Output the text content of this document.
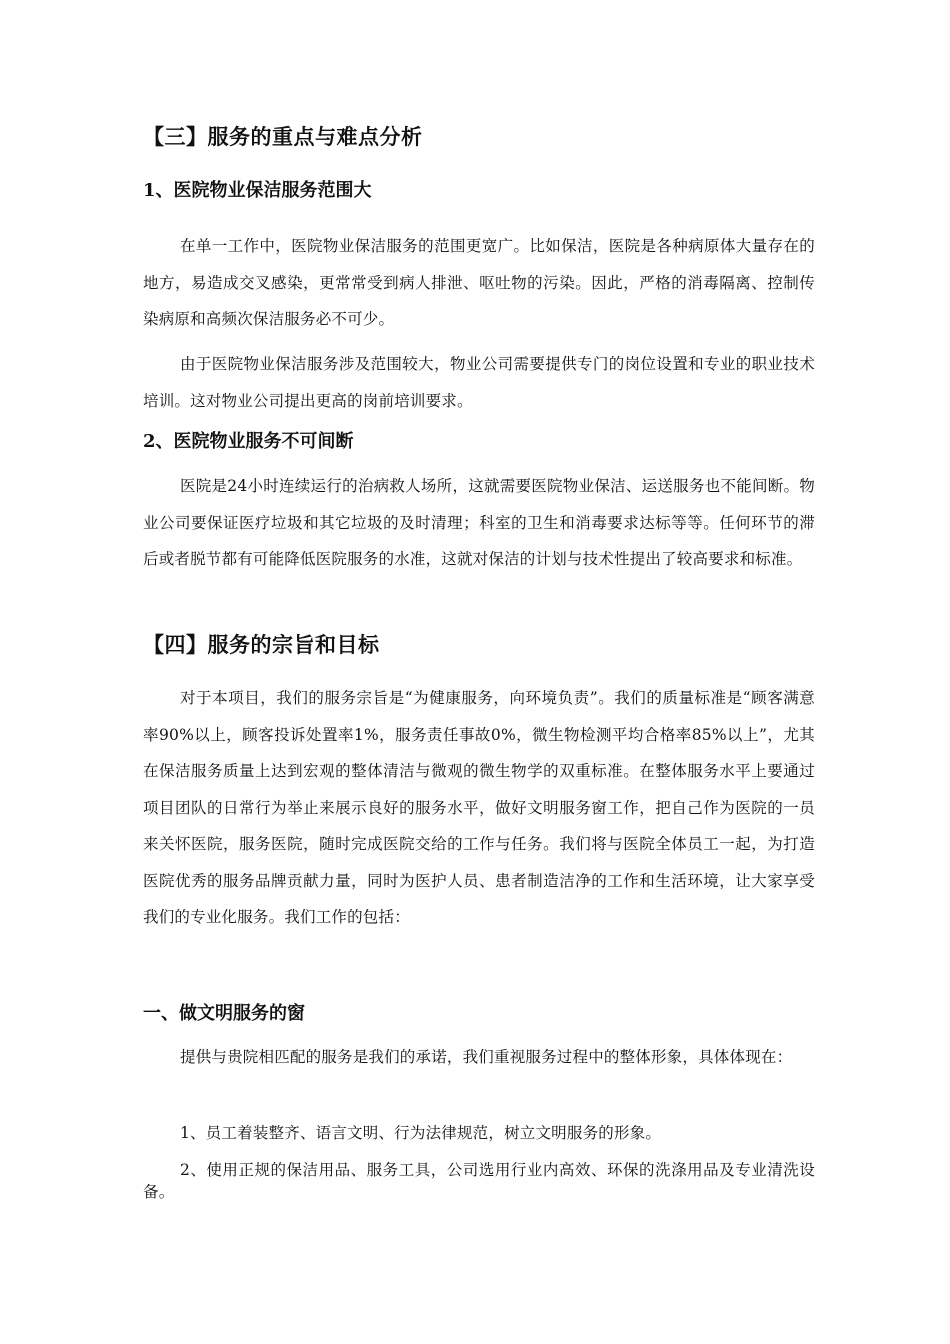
【三】服务的重点与难点分析
1、医院物业保洁服务范围大

在单一工作中，医院物业保洁服务的范围更宽广。比如保洁，医院是各种病原体大量存在的地方，易造成交叉感染，更常常受到病人排泄、呕吐物的污染。因此，严格的消毒隔离、控制传染病原和高频次保洁服务必不可少。

由于医院物业保洁服务涉及范围较大，物业公司需要提供专门的岗位设置和专业的职业技术培训。这对物业公司提出更高的岗前培训要求。

2、医院物业服务不可间断

医院是24小时连续运行的治病救人场所，这就需要医院物业保洁、运送服务也不能间断。物业公司要保证医疗垃圾和其它垃圾的及时清理；科室的卫生和消毒要求达标等等。任何环节的滞后或者脱节都有可能降低医院服务的水准，这就对保洁的计划与技术性提出了较高要求和标准。

【四】服务的宗旨和目标

对于本项目，我们的服务宗旨是“为健康服务，向环境负责”。我们的质量标准是“顾客满意率90%以上，顾客投诉处置率1%，服务责任事故0%，微生物检测平均合格率85%以上”，尤其在保洁服务质量上达到宏观的整体清洁与微观的微生物学的双重标准。在整体服务水平上要通过项目团队的日常行为举止来展示良好的服务水平，做好文明服务窗工作，把自己作为医院的一员来关怀医院，服务医院，随时完成医院交给的工作与任务。我们将与医院全体员工一起，为打造医院优秀的服务品牌贡献力量，同时为医护人员、患者制造洁净的工作和生活环境，让大家享受我们的专业化服务。我们工作的包括：

一、做文明服务的窗

提供与贵院相匹配的服务是我们的承诺，我们重视服务过程中的整体形象，具体体现在：

1、员工着装整齐、语言文明、行为法律规范，树立文明服务的形象。

2、使用正规的保洁用品、服务工具，公司选用行业内高效、环保的洗涤用品及专业清洗设备。
